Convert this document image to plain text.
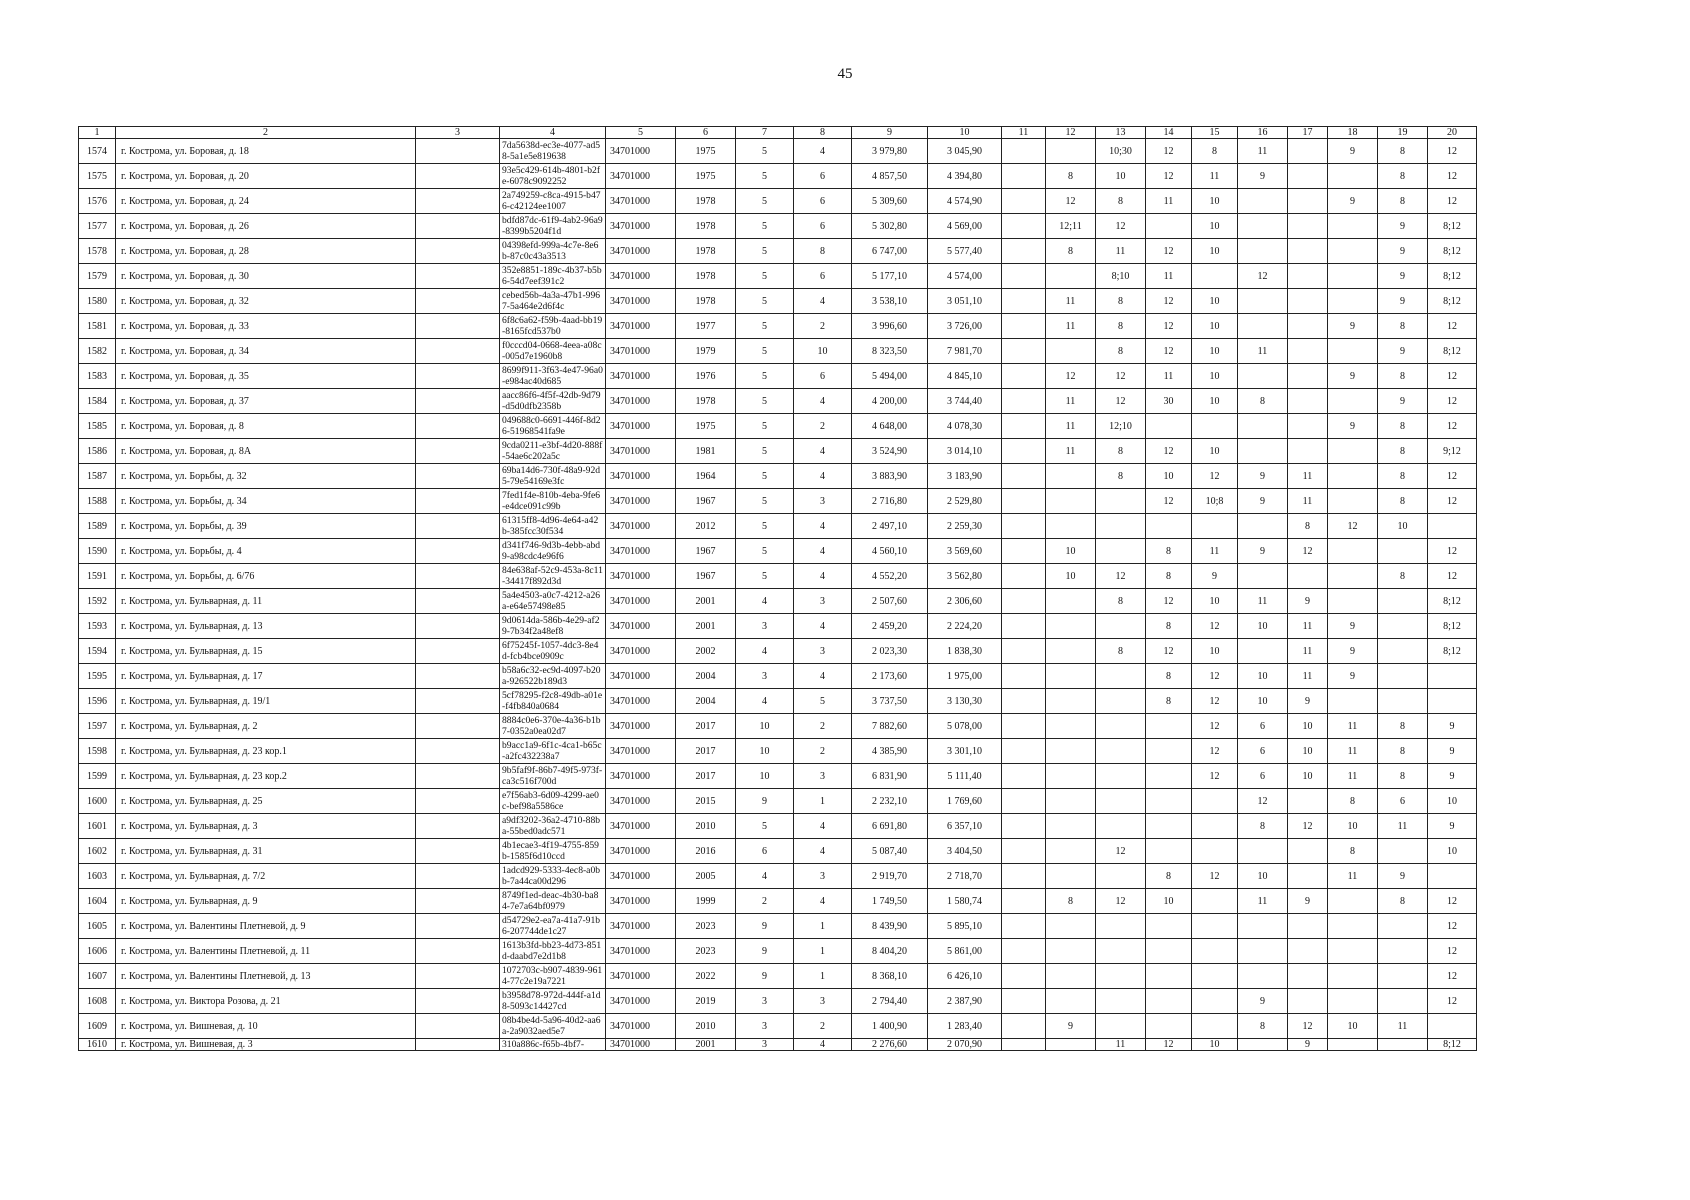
45
1	2	3	4	5	6	7	8	9	10	11	12	13	14	15	16	17	18	19	20
1574	г. Кострома, ул. Боровая, д. 18		7da5638d-ec3e-4077-ad58-5a1e5e819638	34701000	1975	5	4	3 979,80	3 045,90			10;30	12	8	11		9	8	12
1575	г. Кострома, ул. Боровая, д. 20		93e5c429-614b-4801-b2fe-6078c9092252	34701000	1975	5	6	4 857,50	4 394,80		8	10	12	11	9			8	12
1576	г. Кострома, ул. Боровая, д. 24		2a749259-c8ca-4915-b476-c42124ee1007	34701000	1978	5	6	5 309,60	4 574,90		12	8	11	10			9	8	12
1577	г. Кострома, ул. Боровая, д. 26		bdfd87dc-61f9-4ab2-96a9-8399b5204f1d	34701000	1978	5	6	5 302,80	4 569,00		12;11	12		10				9	8;12
1578	г. Кострома, ул. Боровая, д. 28		04398efd-999a-4c7e-8e6b-87c0c43a3513	34701000	1978	5	8	6 747,00	5 577,40		8	11	12	10				9	8;12
1579	г. Кострома, ул. Боровая, д. 30		352e8851-189c-4b37-b5b6-54d7eef391c2	34701000	1978	5	6	5 177,10	4 574,00			8;10	11		12			9	8;12
1580	г. Кострома, ул. Боровая, д. 32		cebed56b-4a3a-47b1-9967-5a464e2d6f4c	34701000	1978	5	4	3 538,10	3 051,10		11	8	12	10				9	8;12
1581	г. Кострома, ул. Боровая, д. 33		6f8c6a62-f59b-4aad-bb19-8165fcd537b0	34701000	1977	5	2	3 996,60	3 726,00		11	8	12	10			9	8	12
1582	г. Кострома, ул. Боровая, д. 34		f0cccd04-0668-4eea-a08c-005d7e1960b8	34701000	1979	5	10	8 323,50	7 981,70			8	12	10	11			9	8;12
1583	г. Кострома, ул. Боровая, д. 35		8699f911-3f63-4e47-96a0-e984ac40d685	34701000	1976	5	6	5 494,00	4 845,10		12	12	11	10			9	8	12
1584	г. Кострома, ул. Боровая, д. 37		aacc86f6-4f5f-42db-9d79-d5d0dfb2358b	34701000	1978	5	4	4 200,00	3 744,40		11	12	30	10	8			9	12
1585	г. Кострома, ул. Боровая, д. 8		049688c0-6691-446f-8d26-51968541fa9e	34701000	1975	5	2	4 648,00	4 078,30		11	12;10					9	8	12
1586	г. Кострома, ул. Боровая, д. 8А		9cda0211-e3bf-4d20-888f-54ae6c202a5c	34701000	1981	5	4	3 524,90	3 014,10		11	8	12	10				8	9;12
1587	г. Кострома, ул. Борьбы, д. 32		69ba14d6-730f-48a9-92d5-79e54169e3fc	34701000	1964	5	4	3 883,90	3 183,90			8	10	12	9	11		8	12
1588	г. Кострома, ул. Борьбы, д. 34		7fed1f4e-810b-4eba-9fe6-e4dce091c99b	34701000	1967	5	3	2 716,80	2 529,80				12	10;8	9	11		8	12
1589	г. Кострома, ул. Борьбы, д. 39		61315ff8-4d96-4e64-a42b-385fcc30f534	34701000	2012	5	4	2 497,10	2 259,30							8	12	10	
1590	г. Кострома, ул. Борьбы, д. 4		d341f746-9d3b-4ebb-abd9-a98cdc4e96f6	34701000	1967	5	4	4 560,10	3 569,60		10		8	11	9	12			12
1591	г. Кострома, ул. Борьбы, д. 6/76		84e638af-52c9-453a-8c11-34417f892d3d	34701000	1967	5	4	4 552,20	3 562,80		10	12	8	9				8	12
1592	г. Кострома, ул. Бульварная, д. 11		5a4e4503-a0c7-4212-a26a-e64e57498e85	34701000	2001	4	3	2 507,60	2 306,60			8	12	10	11	9			8;12
1593	г. Кострома, ул. Бульварная, д. 13		9d0614da-586b-4e29-af29-7b34f2a48ef8	34701000	2001	3	4	2 459,20	2 224,20				8	12	10	11	9		8;12
1594	г. Кострома, ул. Бульварная, д. 15		6f75245f-1057-4dc3-8e4d-fcb4bce0909c	34701000	2002	4	3	2 023,30	1 838,30			8	12	10		11	9		8;12
1595	г. Кострома, ул. Бульварная, д. 17		b58a6c32-ec9d-4097-b20a-926522b189d3	34701000	2004	3	4	2 173,60	1 975,00				8	12	10	11	9		
1596	г. Кострома, ул. Бульварная, д. 19/1		5cf78295-f2c8-49db-a01e-f4fb840a0684	34701000	2004	4	5	3 737,50	3 130,30				8	12	10	9			
1597	г. Кострома, ул. Бульварная, д. 2		8884c0e6-370e-4a36-b1b7-0352a0ea02d7	34701000	2017	10	2	7 882,60	5 078,00					12	6	10	11	8	9
1598	г. Кострома, ул. Бульварная, д. 23 кор.1		b9acc1a9-6f1c-4ca1-b65c-a2fc432238a7	34701000	2017	10	2	4 385,90	3 301,10					12	6	10	11	8	9
1599	г. Кострома, ул. Бульварная, д. 23 кор.2		9b5faf9f-86b7-49f5-973f-ca3c516f700d	34701000	2017	10	3	6 831,90	5 111,40					12	6	10	11	8	9
1600	г. Кострома, ул. Бульварная, д. 25		e7f56ab3-6d09-4299-ae0c-bef98a5586ce	34701000	2015	9	1	2 232,10	1 769,60						12		8	6	10
1601	г. Кострома, ул. Бульварная, д. 3		a9df3202-36a2-4710-88ba-55bed0adc571	34701000	2010	5	4	6 691,80	6 357,10						8	12	10	11	9
1602	г. Кострома, ул. Бульварная, д. 31		4b1ecae3-4f19-4755-859b-1585f6d10ccd	34701000	2016	6	4	5 087,40	3 404,50			12					8		10
1603	г. Кострома, ул. Бульварная, д. 7/2		1adcd929-5333-4ec8-a0bb-7a44ca00d296	34701000	2005	4	3	2 919,70	2 718,70				8	12	10		11	9	
1604	г. Кострома, ул. Бульварная, д. 9		8749f1ed-deac-4b30-ba84-7e7a64bf0979	34701000	1999	2	4	1 749,50	1 580,74		8	12	10		11	9		8	12
1605	г. Кострома, ул. Валентины Плетневой, д. 9		d54729e2-ea7a-41a7-91b6-207744de1c27	34701000	2023	9	1	8 439,90	5 895,10										12
1606	г. Кострома, ул. Валентины Плетневой, д. 11		1613b3fd-bb23-4d73-851d-daabd7e2d1b8	34701000	2023	9	1	8 404,20	5 861,00										12
1607	г. Кострома, ул. Валентины Плетневой, д. 13		1072703c-b907-4839-9614-77c2e19a7221	34701000	2022	9	1	8 368,10	6 426,10										12
1608	г. Кострома, ул. Виктора Розова, д. 21		b3958d78-972d-444f-a1d8-5093c14427cd	34701000	2019	3	3	2 794,40	2 387,90						9				12
1609	г. Кострома, ул. Вишневая, д. 10		08b4be4d-5a96-40d2-aa6a-2a9032aed5e7	34701000	2010	3	2	1 400,90	1 283,40		9				8	12	10	11	
1610	г. Кострома, ул. Вишневая, д. 3		310a886c-f65b-4bf7-	34701000	2001	3	4	2 276,60	2 070,90			11	12	10		9			8;12
